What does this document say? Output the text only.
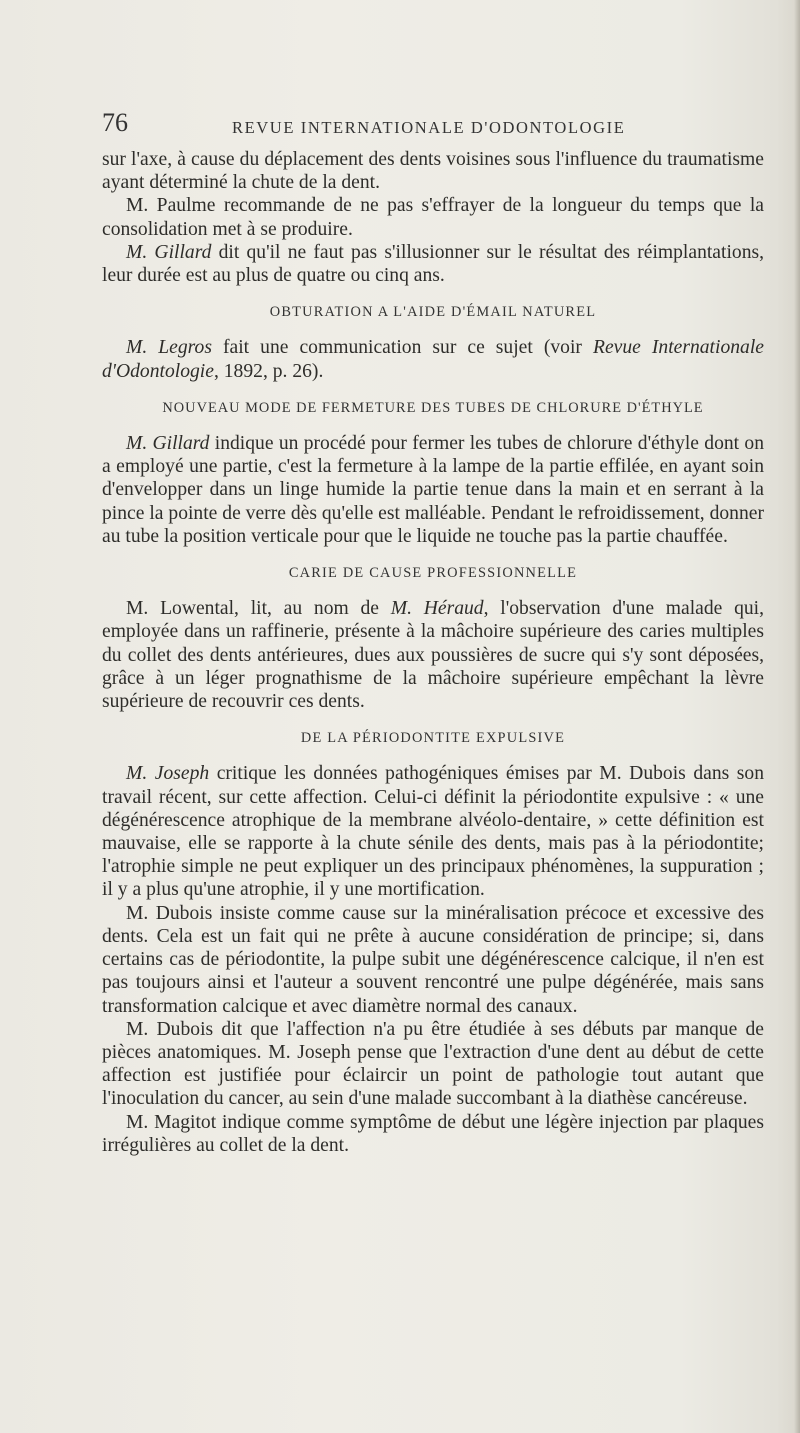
76	REVUE INTERNATIONALE D'ODONTOLOGIE

sur l'axe, à cause du déplacement des dents voisines sous l'influence du traumatisme ayant déterminé la chute de la dent.

M. Paulme recommande de ne pas s'effrayer de la longueur du temps que la consolidation met à se produire.

M. Gillard dit qu'il ne faut pas s'illusionner sur le résultat des réimplantations, leur durée est au plus de quatre ou cinq ans.

OBTURATION A L'AIDE D'ÉMAIL NATUREL

M. Legros fait une communication sur ce sujet (voir Revue Internationale d'Odontologie, 1892, p. 26).

NOUVEAU MODE DE FERMETURE DES TUBES DE CHLORURE D'ÉTHYLE

M. Gillard indique un procédé pour fermer les tubes de chlorure d'éthyle dont on a employé une partie, c'est la fermeture à la lampe de la partie effilée, en ayant soin d'envelopper dans un linge humide la partie tenue dans la main et en serrant à la pince la pointe de verre dès qu'elle est malléable. Pendant le refroidissement, donner au tube la position verticale pour que le liquide ne touche pas la partie chauffée.

CARIE DE CAUSE PROFESSIONNELLE

M. Lowental, lit, au nom de M. Héraud, l'observation d'une malade qui, employée dans un raffinerie, présente à la mâchoire supérieure des caries multiples du collet des dents antérieures, dues aux poussières de sucre qui s'y sont déposées, grâce à un léger prognathisme de la mâchoire supérieure empêchant la lèvre supérieure de recouvrir ces dents.

DE LA PÉRIODONTITE EXPULSIVE

M. Joseph critique les données pathogéniques émises par M. Dubois dans son travail récent, sur cette affection. Celui-ci définit la périodontite expulsive : « une dégénérescence atrophique de la membrane alvéolo-dentaire, » cette définition est mauvaise, elle se rapporte à la chute sénile des dents, mais pas à la périodontite; l'atrophie simple ne peut expliquer un des principaux phénomènes, la suppuration ; il y a plus qu'une atrophie, il y une mortification.

M. Dubois insiste comme cause sur la minéralisation précoce et excessive des dents. Cela est un fait qui ne prête à aucune considération de principe; si, dans certains cas de périodontite, la pulpe subit une dégénérescence calcique, il n'en est pas toujours ainsi et l'auteur a souvent rencontré une pulpe dégénérée, mais sans transformation calcique et avec diamètre normal des canaux.

M. Dubois dit que l'affection n'a pu être étudiée à ses débuts par manque de pièces anatomiques. M. Joseph pense que l'extraction d'une dent au début de cette affection est justifiée pour éclaircir un point de pathologie tout autant que l'inoculation du cancer, au sein d'une malade succombant à la diathèse cancéreuse.

M. Magitot indique comme symptôme de début une légère injection par plaques irrégulières au collet de la dent.
